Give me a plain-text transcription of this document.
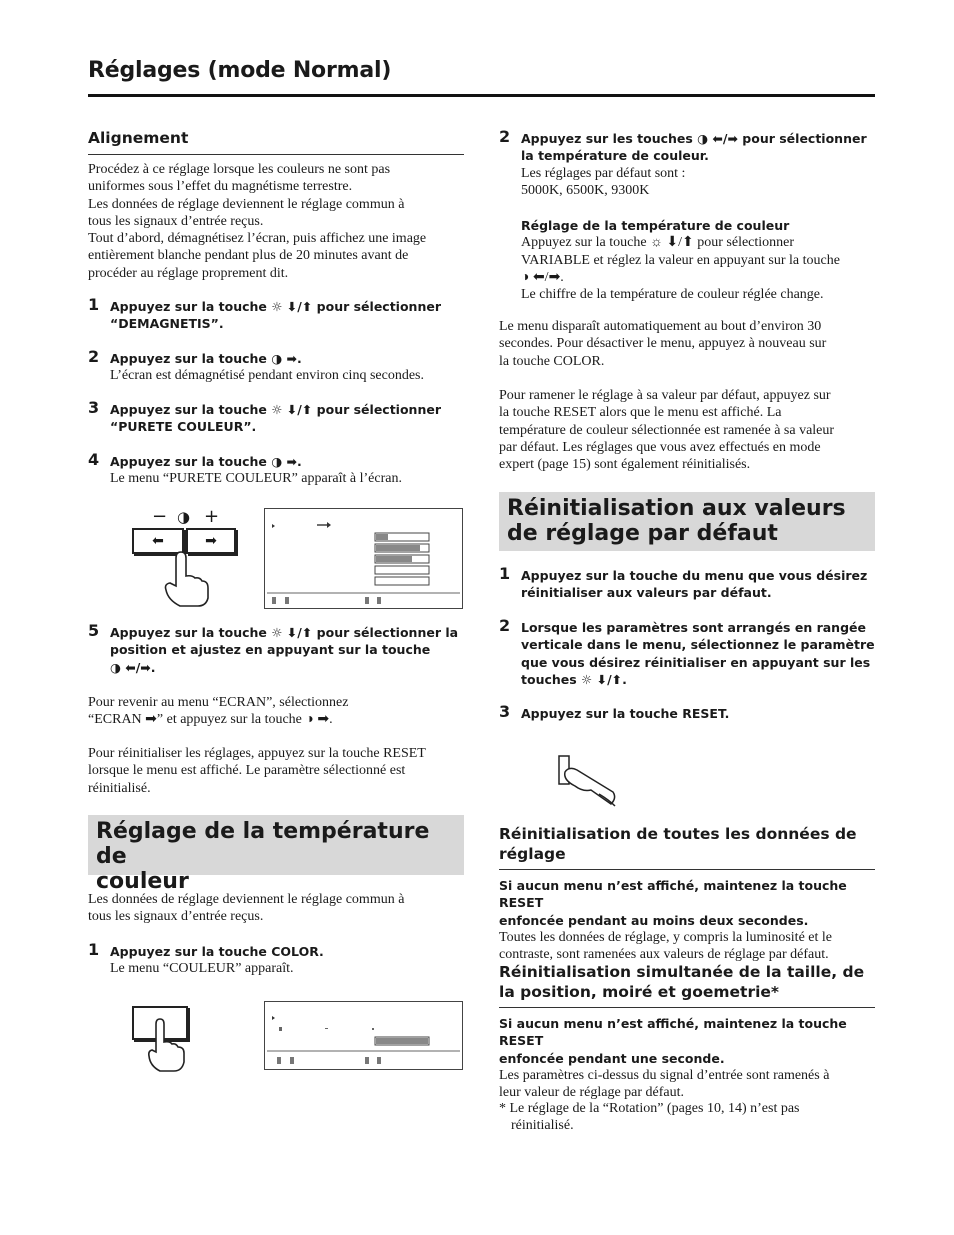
Réglages (mode Normal)
Alignement
Procédez à ce réglage lorsque les couleurs ne sont pas
uniformes sous l’effet du magnétisme terrestre.
Les données de réglage deviennent le réglage commun à
tous les signaux d’entrée reçus.
Tout d’abord, démagnétisez l’écran, puis affichez une image
entièrement blanche pendant plus de 20 minutes avant de
procéder au réglage proprement dit.
1 Appuyez sur la touche ☼ ⬇/⬆ pour sélectionner
“DEMAGNETIS”.
2 Appuyez sur la touche ◑ ➡.
L’écran est démagnétisé pendant environ cinq secondes.
3 Appuyez sur la touche ☼ ⬇/⬆ pour sélectionner
“PURETE COULEUR”.
4 Appuyez sur la touche ◑ ➡.
Le menu “PURETE COULEUR” apparaît à l’écran.
− ◑ +
⬅	➡
5 Appuyez sur la touche ☼ ⬇/⬆ pour sélectionner la
position et ajustez en appuyant sur la touche
◑ ⬅/➡.
Pour revenir au menu “ECRAN”, sélectionnez
“ECRAN ➡” et appuyez sur la touche ◑ ➡.
Pour réinitialiser les réglages, appuyez sur la touche RESET
lorsque le menu est affiché. Le paramètre sélectionné est
réinitialisé.
Réglage de la température de
couleur
Les données de réglage deviennent le réglage commun à
tous les signaux d’entrée reçus.
1 Appuyez sur la touche COLOR.
Le menu “COULEUR” apparaît.
2 Appuyez sur les touches ◑ ⬅/➡ pour sélectionner
la température de couleur.
Les réglages par défaut sont :
5000K, 6500K, 9300K
Réglage de la température de couleur
Appuyez sur la touche ☼ ⬇/⬆ pour sélectionner
VARIABLE et réglez la valeur en appuyant sur la touche
◑ ⬅/➡.
Le chiffre de la température de couleur réglée change.
Le menu disparaît automatiquement au bout d’environ 30
secondes. Pour désactiver le menu, appuyez à nouveau sur
la touche COLOR.
Pour ramener le réglage à sa valeur par défaut, appuyez sur
la touche RESET alors que le menu est affiché. La
température de couleur sélectionnée est ramenée à sa valeur
par défaut. Les réglages que vous avez effectués en mode
expert (page 15) sont également réinitialisés.
Réinitialisation aux valeurs
de réglage par défaut
1 Appuyez sur la touche du menu que vous désirez
réinitialiser aux valeurs par défaut.
2 Lorsque les paramètres sont arrangés en rangée
verticale dans le menu, sélectionnez le paramètre
que vous désirez réinitialiser en appuyant sur les
touches ☼ ⬇/⬆.
3 Appuyez sur la touche RESET.
Réinitialisation de toutes les données de
réglage
Si aucun menu n’est affiché, maintenez la touche RESET
enfoncée pendant au moins deux secondes.
Toutes les données de réglage, y compris la luminosité et le
contraste, sont ramenées aux valeurs de réglage par défaut.
Réinitialisation simultanée de la taille, de
la position, moiré et goemetrie*
Si aucun menu n’est affiché, maintenez la touche RESET
enfoncée pendant une seconde.
Les paramètres ci-dessus du signal d’entrée sont ramenés à
leur valeur de réglage par défaut.
* Le réglage de la “Rotation” (pages 10, 14) n’est pas
réinitialisé.
